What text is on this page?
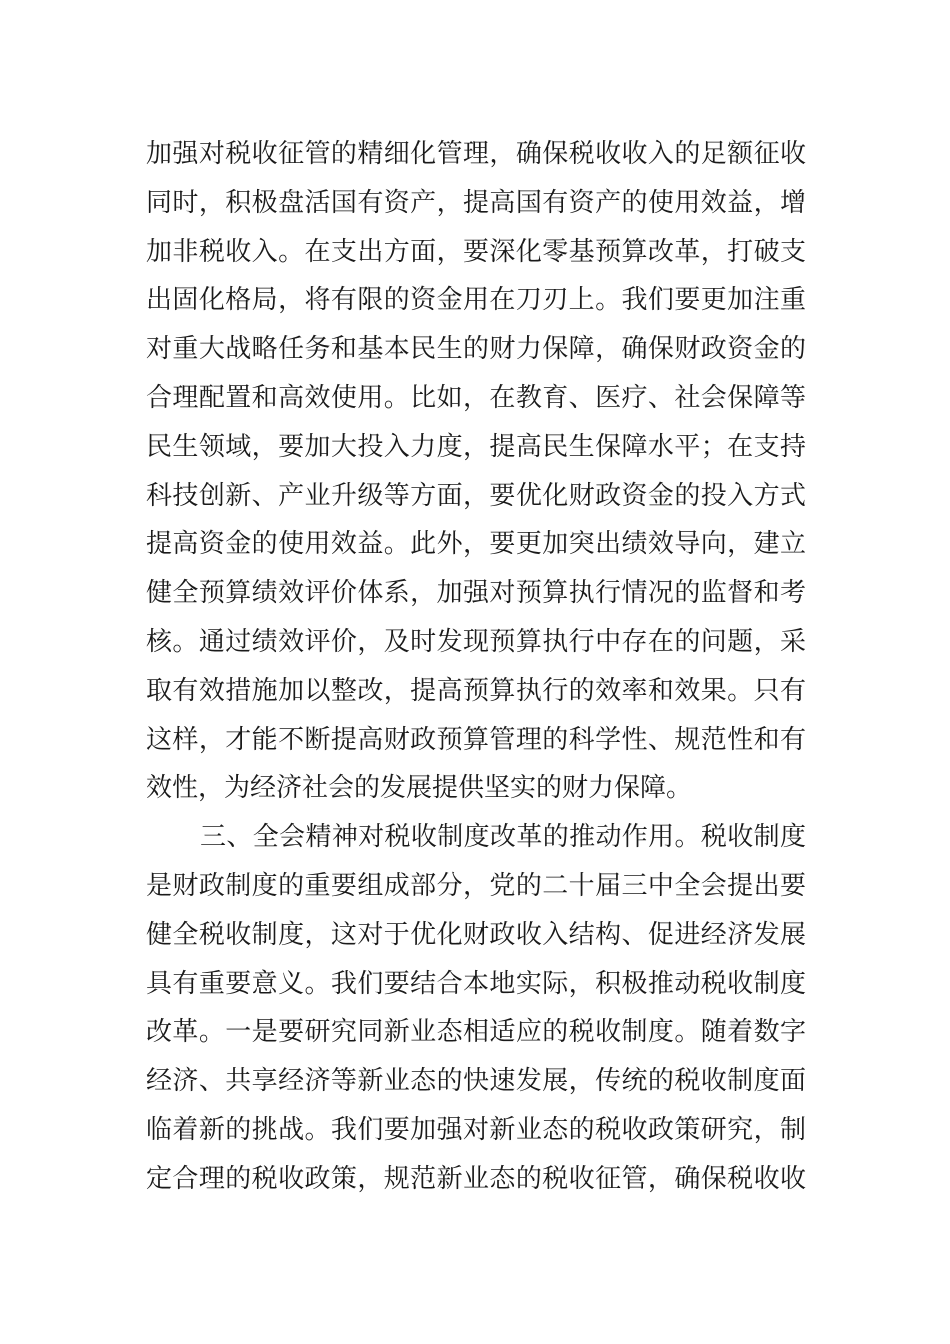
加强对税收征管的精细化管理，确保税收收入的足额征收
同时，积极盘活国有资产，提高国有资产的使用效益，增
加非税收入。在支出方面，要深化零基预算改革，打破支
出固化格局，将有限的资金用在刀刃上。我们要更加注重
对重大战略任务和基本民生的财力保障，确保财政资金的
合理配置和高效使用。比如，在教育、医疗、社会保障等
民生领域，要加大投入力度，提高民生保障水平；在支持
科技创新、产业升级等方面，要优化财政资金的投入方式
提高资金的使用效益。此外，要更加突出绩效导向，建立
健全预算绩效评价体系，加强对预算执行情况的监督和考
核。通过绩效评价，及时发现预算执行中存在的问题，采
取有效措施加以整改，提高预算执行的效率和效果。只有
这样，才能不断提高财政预算管理的科学性、规范性和有
效性，为经济社会的发展提供坚实的财力保障。
三、全会精神对税收制度改革的推动作用。税收制度
是财政制度的重要组成部分，党的二十届三中全会提出要
健全税收制度，这对于优化财政收入结构、促进经济发展
具有重要意义。我们要结合本地实际，积极推动税收制度
改革。一是要研究同新业态相适应的税收制度。随着数字
经济、共享经济等新业态的快速发展，传统的税收制度面
临着新的挑战。我们要加强对新业态的税收政策研究，制
定合理的税收政策，规范新业态的税收征管，确保税收收
